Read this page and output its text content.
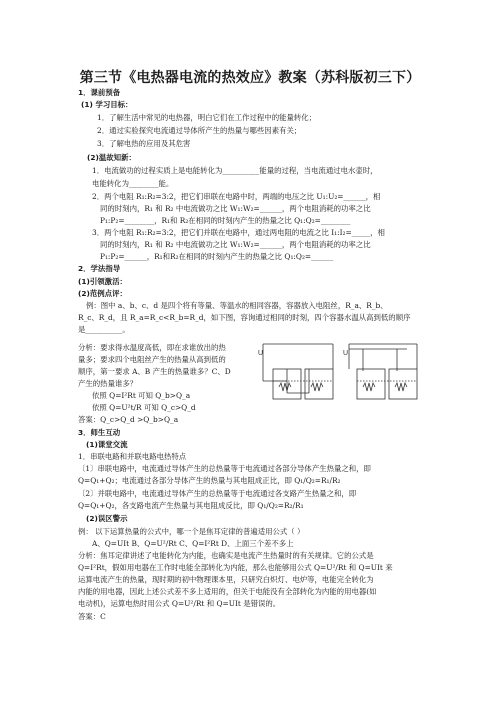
第三节《电热器电流的热效应》教案（苏科版初三下）
1．课前预备
(1) 学习目标：
1．了解生活中常见的电热器，明白它们在工作过程中的能量转化；
2．通过实验探究电流通过导体所产生的热量与哪些因素有关；
3．了解电热的应用及其危害
(2)温故知新：
1．电流做功的过程实质上是电能转化为__________能量的过程，当电流通过电水壶时，
电能转化为________能。
2．两个电阻 R₁:R₂=3:2，把它们串联在电路中时，两端的电压之比 U₁:U₂=______，相
同的时刻内，R₁ 和 R₂ 中电流做功之比 W₁:W₂=______，两个电阻消耗的功率之比
P₁:P₂=________，R₁和 R₂在相同的时刻内产生的热量之比 Q₁:Q₂=________
3．两个电阻 R₁:R₂=3:2，把它们并联在电路中，通过两电阻的电流之比 I₁:I₂=_____，相
同的时刻内，R₁ 和 R₂ 中电流做功之比 W₁:W₂=______，两个电阻消耗的功率之比
P₁:P₂=______，R₁和R₂在相同的时刻内产生的热量之比 Q₁:Q₂=______
2．学法指导
(1)引领激活：
(2)范例点评：
例：图中 a、b、c、d 是四个将有等量、等温水的相同容器，容器放入电阻丝，R_a、R_b、
R_c、R_d，且 R_a=R_c<R_b=R_d，如下图，容询通过相同的时刻，四个容器水温从高到低的顺序
是__________。
分析：要求得水温度高低，即在求谁放出的热
量多；要求四个电阻丝产生的热量从高到低的
顺序，第一要求 A、B 产生的热量谁多？C、D
产生的热量谁多？
依照 Q=I²Rt 可知 Q_b>Q_a
依照 Q=U²t/R 可知 Q_c>Q_d
答案：Q_c>Q_d >Q_b>Q_a
U	U
3．师生互动
(1)课堂交流
1．串联电路和并联电路电热特点
〔1〕串联电路中，电流通过导体产生的总热量等于电流通过各部分导体产生热量之和，即
Q=Q₁+Q₂；电流通过各部分导体产生的热量与其电阻成正比，即 Q₁/Q₂=R₁/R₂
〔2〕并联电路中，电流通过导体产生的总热量等于电流通过各支路产生热量之和，即
Q=Q₁+Q₂，各支路电流产生热量与其电阻成反比，即 Q₁/Q₂=R₂/R₁
(2)误区警示
例： 以下运算热量的公式中，哪一个是焦耳定律的普遍适用公式（ ）
A、Q=UIt B、Q=U²/Rt C、Q=I²Rt D、上面三个差不多上
分析：焦耳定律讲述了电能转化为内能，也确实是电流产生热量时的有关规律。它的公式是
Q=I²Rt，假如用电器在工作时电能全部转化为内能，那么也能够用公式 Q=U²/Rt 和 Q=UIt 来
运算电流产生的热量，现时期的初中物理课本里，只研究白炽灯、电炉等，电能完全转化为
内能的用电器，因此上述公式差不多上适用的，但关于电能没有全部转化为内能的用电器(如
电动机)，运算电热时用公式 Q=U²/Rt 和 Q=UIt 是错误的。
答案：C
